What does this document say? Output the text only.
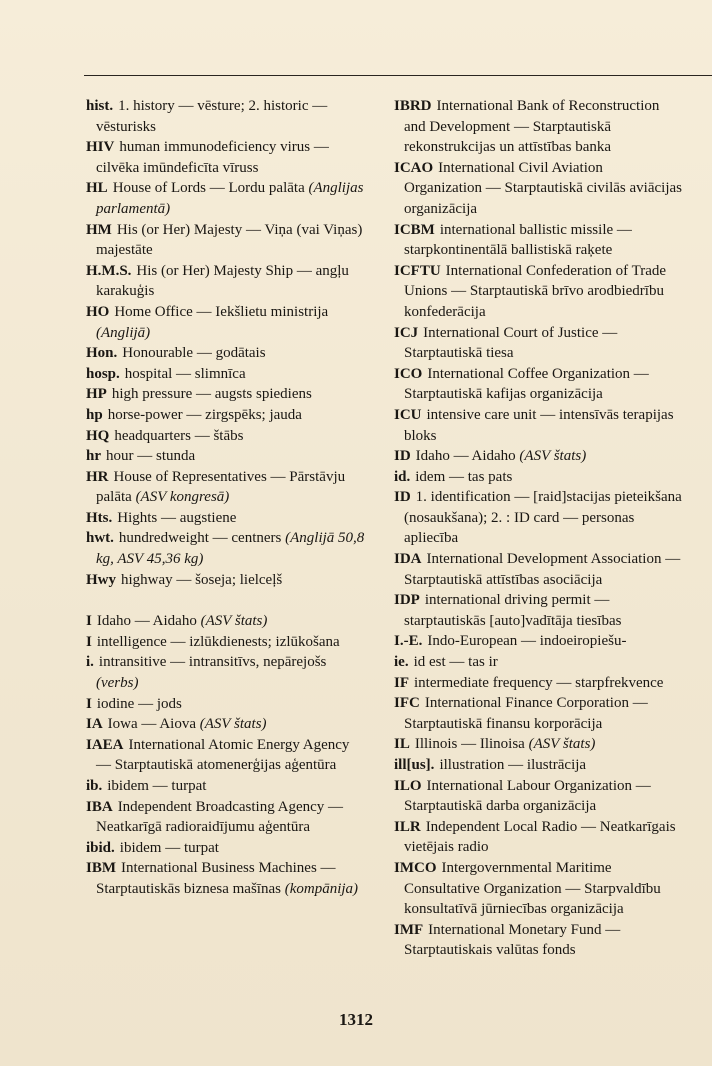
hist. 1. history — vēsture; 2. historic — vēsturisks
HIV human immunodeficiency virus — cilvēka imūndeficīta vīruss
HL House of Lords — Lordu palāta (Anglijas parlamentā)
HM His (or Her) Majesty — Viņa (vai Viņas) majestāte
H.M.S. His (or Her) Majesty Ship — angļu karakuģis
HO Home Office — Iekšlietu ministrija (Anglijā)
Hon. Honourable — godātais
hosp. hospital — slimnīca
HP high pressure — augsts spiediens
hp horse-power — zirgspēks; jauda
HQ headquarters — štābs
hr hour — stunda
HR House of Representatives — Pārstāvju palāta (ASV kongresā)
Hts. Hights — augstiene
hwt. hundredweight — centners (Anglijā 50,8 kg, ASV 45,36 kg)
Hwy highway — šoseja; lielceļš
I Idaho — Aidaho (ASV štats)
I intelligence — izlūkdienests; izlūkošana
i. intransitive — intransitīvs, nepārejošs (verbs)
I iodine — jods
IA Iowa — Aiova (ASV štats)
IAEA International Atomic Energy Agency — Starptautiskā atomenerģijas aģentūra
ib. ibidem — turpat
IBA Independent Broadcasting Agency — Neatkarīgā radioraidījumu aģentūra
ibid. ibidem — turpat
IBM International Business Machines — Starptautiskās biznesa mašīnas (kompānija)
IBRD International Bank of Reconstruction and Development — Starptautiskā rekonstrukcijas un attīstības banka
ICAO International Civil Aviation Organization — Starptautiskā civilās aviācijas organizācija
ICBM international ballistic missile — starpkontinentālā ballistiskā raķete
ICFTU International Confederation of Trade Unions — Starptautiskā brīvo arodbiedrību konfederācija
ICJ International Court of Justice — Starptautiskā tiesa
ICO International Coffee Organization — Starptautiskā kafijas organizācija
ICU intensive care unit — intensīvās terapijas bloks
ID Idaho — Aidaho (ASV štats)
id. idem — tas pats
ID 1. identification — [raid]stacijas pieteikšana (nosaukšana); 2. : ID card — personas apliecība
IDA International Development Association — Starptautiskā attīstības asociācija
IDP international driving permit — starptautiskās [auto]vadītāja tiesības
I.-E. Indo-European — indoeiropiešu-
ie. id est — tas ir
IF intermediate frequency — starpfrekvence
IFC International Finance Corporation — Starptautiskā finansu korporācija
IL Illinois — Ilinoisa (ASV štats)
ill[us]. illustration — ilustrācija
ILO International Labour Organization — Starptautiskā darba organizācija
ILR Independent Local Radio — Neatkarīgais vietējais radio
IMCO Intergovernmental Maritime Consultative Organization — Starpvaldību konsultatīvā jūrniecības organizācija
IMF International Monetary Fund — Starptautiskais valūtas fonds
1312
